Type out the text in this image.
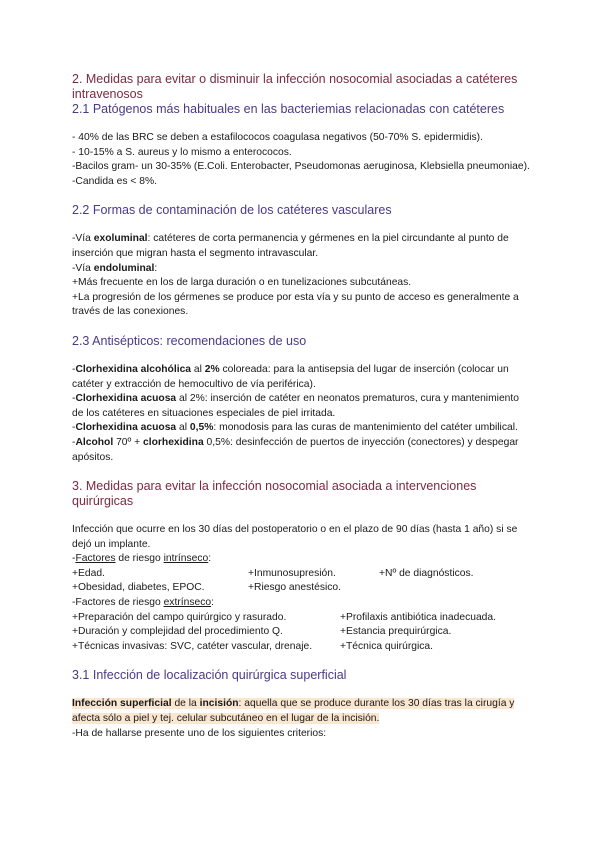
2. Medidas para evitar o disminuir la infección nosocomial asociadas a catéteres intravenosos
2.1 Patógenos más habituales en las bacteriemias relacionadas con catéteres
- 40% de las BRC se deben a estafilococos coagulasa negativos (50-70% S. epidermidis).
- 10-15% a S. aureus y lo mismo a enterococos.
-Bacilos gram- un 30-35% (E.Coli. Enterobacter, Pseudomonas aeruginosa, Klebsiella pneumoniae).
-Candida es < 8%.
2.2 Formas de contaminación de los catéteres vasculares
-Vía exoluminal: catéteres de corta permanencia y gérmenes en la piel circundante al punto de inserción que migran hasta el segmento intravascular.
-Vía endoluminal:
+Más frecuente en los de larga duración o en tunelizaciones subcutáneas.
+La progresión de los gérmenes se produce por esta vía y su punto de acceso es generalmente a través de las conexiones.
2.3 Antisépticos: recomendaciones de uso
-Clorhexidina alcohólica al 2% coloreada: para la antisepsia del lugar de inserción (colocar un catéter y extracción de hemocultivo de vía periférica).
-Clorhexidina acuosa al 2%: inserción de catéter en neonatos prematuros, cura y mantenimiento de los catéteres en situaciones especiales de piel irritada.
-Clorhexidina acuosa al 0,5%: monodosis para las curas de mantenimiento del catéter umbilical.
-Alcohol 70º + clorhexidina 0,5%: desinfección de puertos de inyección (conectores) y despegar apósitos.
3. Medidas para evitar la infección nosocomial asociada a intervenciones quirúrgicas
Infección que ocurre en los 30 días del postoperatorio o en el plazo de 90 días (hasta 1 año) si se dejó un implante.
-Factores de riesgo intrínseco:
+Edad.	+Inmunosupresión.	+Nº de diagnósticos.
+Obesidad, diabetes, EPOC.	+Riesgo anestésico.
-Factores de riesgo extrínseco:
+Preparación del campo quirúrgico y rasurado.	+Profilaxis antibiótica inadecuada.
+Duración y complejidad del procedimiento Q.	+Estancia prequirúrgica.
+Técnicas invasivas: SVC, catéter vascular, drenaje.	+Técnica quirúrgica.
3.1 Infección de localización quirúrgica superficial
Infección superficial de la incisión: aquella que se produce durante los 30 días tras la cirugía y afecta sólo a piel y tej. celular subcutáneo en el lugar de la incisión.
-Ha de hallarse presente uno de los siguientes criterios:
